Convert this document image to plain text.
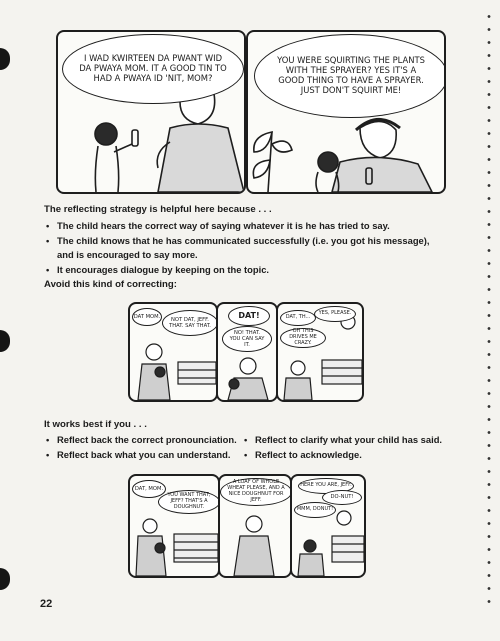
I WAD KWIRTEEN DA PWANT WID DA PWAYA MOM. IT A GOOD TIN TO HAD A PWAYA ID 'NIT, MOM?
YOU WERE SQUIRTING THE PLANTS WITH THE SPRAYER? YES IT'S A GOOD THING TO HAVE A SPRAYER. JUST DON'T SQUIRT ME!
The reflecting strategy is helpful here because . . .
• The child hears the correct way of saying whatever it is he has tried to say.
• The child knows that he has communicated successfully (i.e. you got his message), and is encouraged to say more.
• It encourages dialogue by keeping on the topic.
Avoid this kind of correcting:
DAT MOM.	NOT DAT, JEFF. THAT. SAY THAT.
DAT!
NO! THAT. YOU CAN SAY IT.
DAT, TH...
OH THIS DRIVES ME CRAZY.
YES, PLEASE.
It works best if you . . .
• Reflect back the correct pronounciation.
• Reflect back what you can understand.
• Reflect to clarify what your child has said.
• Reflect to acknowledge.
DAT, MOM.
YOU WANT THAT, JEFF? THAT'S A DOUGHNUT.
A LOAF OF WHOLE WHEAT PLEASE, AND A NICE DOUGHNUT FOR JEFF.
HERE YOU ARE, JEFF.
DO-NUT!
MMM, DONUT!
22
